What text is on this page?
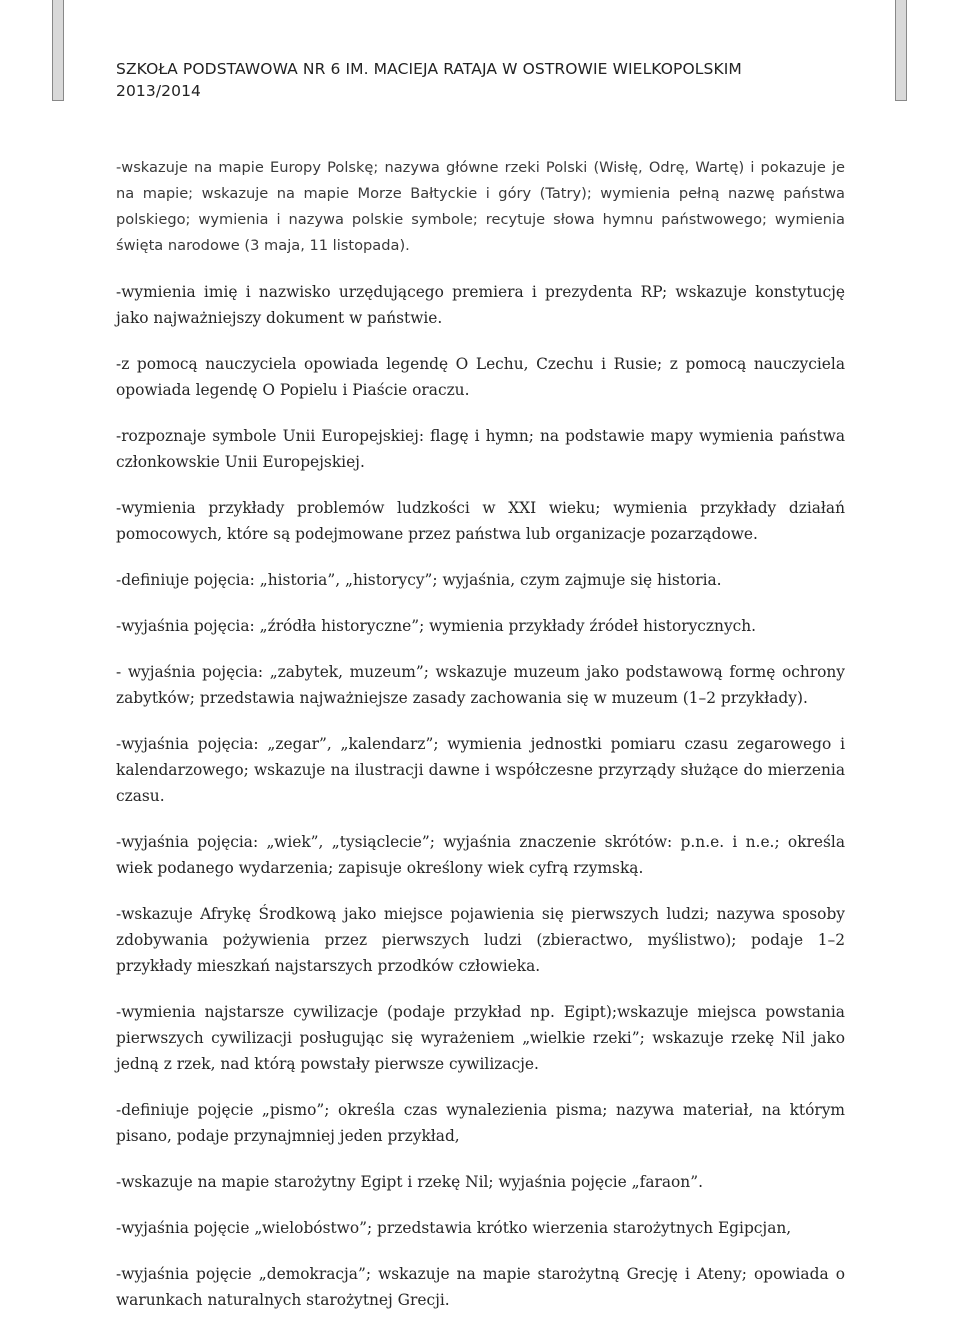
SZKOŁA PODSTAWOWA NR 6 IM. MACIEJA RATAJA W OSTROWIE WIELKOPOLSKIM
2013/2014

-wskazuje na mapie Europy Polskę; nazywa główne rzeki Polski (Wisłę, Odrę, Wartę) i pokazuje je na mapie; wskazuje na mapie Morze Bałtyckie i góry (Tatry); wymienia pełną nazwę państwa polskiego; wymienia i nazywa polskie symbole; recytuje słowa hymnu państwowego; wymienia święta narodowe (3 maja, 11 listopada).

-wymienia imię i nazwisko urzędującego premiera i prezydenta RP; wskazuje konstytucję jako najważniejszy dokument w państwie.

-z pomocą nauczyciela opowiada legendę O Lechu, Czechu i Rusie; z pomocą nauczyciela opowiada legendę O Popielu i Piaście oraczu.

-rozpoznaje symbole Unii Europejskiej: flagę i hymn; na podstawie mapy wymienia państwa członkowskie Unii Europejskiej.

-wymienia przykłady problemów ludzkości w XXI wieku; wymienia przykłady działań pomocowych, które są podejmowane przez państwa lub organizacje pozarządowe.

-definiuje pojęcia: „historia”, „historycy”; wyjaśnia, czym zajmuje się historia.

-wyjaśnia pojęcia: „źródła historyczne”; wymienia przykłady źródeł historycznych.

- wyjaśnia pojęcia: „zabytek, muzeum”; wskazuje muzeum jako podstawową formę ochrony zabytków; przedstawia najważniejsze zasady zachowania się w muzeum (1–2 przykłady).

-wyjaśnia pojęcia: „zegar”, „kalendarz”; wymienia jednostki pomiaru czasu zegarowego i kalendarzowego; wskazuje na ilustracji dawne i współczesne przyrządy służące do mierzenia czasu.

-wyjaśnia pojęcia: „wiek”, „tysiąclecie”; wyjaśnia znaczenie skrótów: p.n.e. i n.e.; określa wiek podanego wydarzenia; zapisuje określony wiek cyfrą rzymską.

-wskazuje Afrykę Środkową jako miejsce pojawienia się pierwszych ludzi; nazywa sposoby zdobywania pożywienia przez pierwszych ludzi (zbieractwo, myślistwo); podaje 1–2 przykłady mieszkań najstarszych przodków człowieka.

-wymienia najstarsze cywilizacje (podaje przykład np. Egipt);wskazuje miejsca powstania pierwszych cywilizacji posługując się wyrażeniem „wielkie rzeki”; wskazuje rzekę Nil jako jedną z rzek, nad którą powstały pierwsze cywilizacje.

-definiuje pojęcie „pismo”; określa czas wynalezienia pisma; nazywa materiał, na którym pisano, podaje przynajmniej jeden przykład,

-wskazuje na mapie starożytny Egipt i rzekę Nil; wyjaśnia pojęcie „faraon”.

-wyjaśnia pojęcie „wielobóstwo”; przedstawia krótko wierzenia starożytnych Egipcjan,

-wyjaśnia pojęcie „demokracja”; wskazuje na mapie starożytną Grecję i Ateny; opowiada o warunkach naturalnych starożytnej Grecji.
